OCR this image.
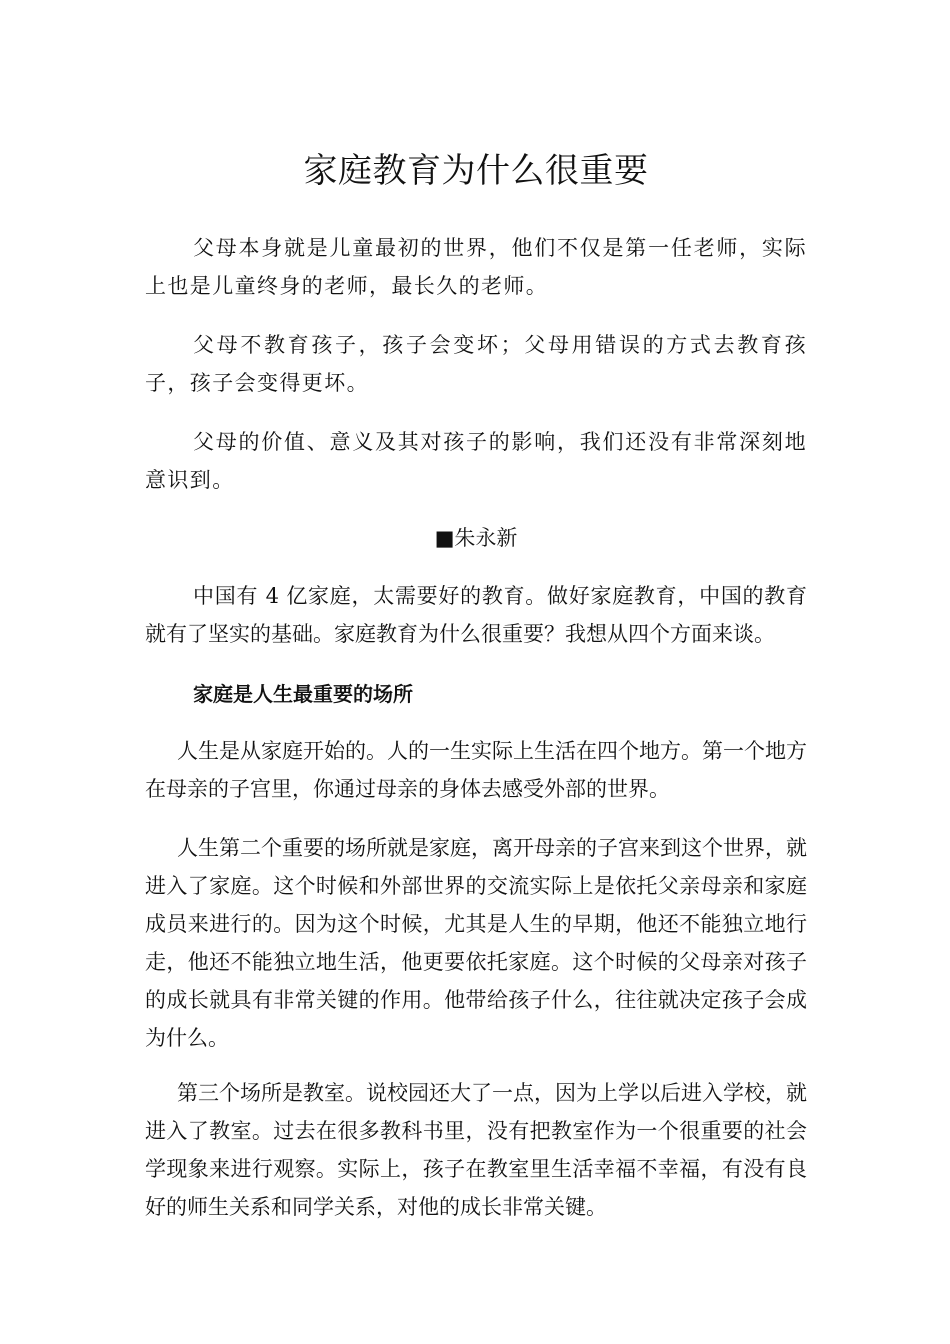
家庭教育为什么很重要

父母本身就是儿童最初的世界，他们不仅是第一任老师，实际上也是儿童终身的老师，最长久的老师。

父母不教育孩子，孩子会变坏；父母用错误的方式去教育孩子，孩子会变得更坏。

父母的价值、意义及其对孩子的影响，我们还没有非常深刻地意识到。

■朱永新

中国有 4 亿家庭，太需要好的教育。做好家庭教育，中国的教育就有了坚实的基础。家庭教育为什么很重要？我想从四个方面来谈。

家庭是人生最重要的场所

人生是从家庭开始的。人的一生实际上生活在四个地方。第一个地方在母亲的子宫里，你通过母亲的身体去感受外部的世界。

人生第二个重要的场所就是家庭，离开母亲的子宫来到这个世界，就进入了家庭。这个时候和外部世界的交流实际上是依托父亲母亲和家庭成员来进行的。因为这个时候，尤其是人生的早期，他还不能独立地行走，他还不能独立地生活，他更要依托家庭。这个时候的父母亲对孩子的成长就具有非常关键的作用。他带给孩子什么，往往就决定孩子会成为什么。

第三个场所是教室。说校园还大了一点，因为上学以后进入学校，就进入了教室。过去在很多教科书里，没有把教室作为一个很重要的社会学现象来进行观察。实际上，孩子在教室里生活幸福不幸福，有没有良好的师生关系和同学关系，对他的成长非常关键。
